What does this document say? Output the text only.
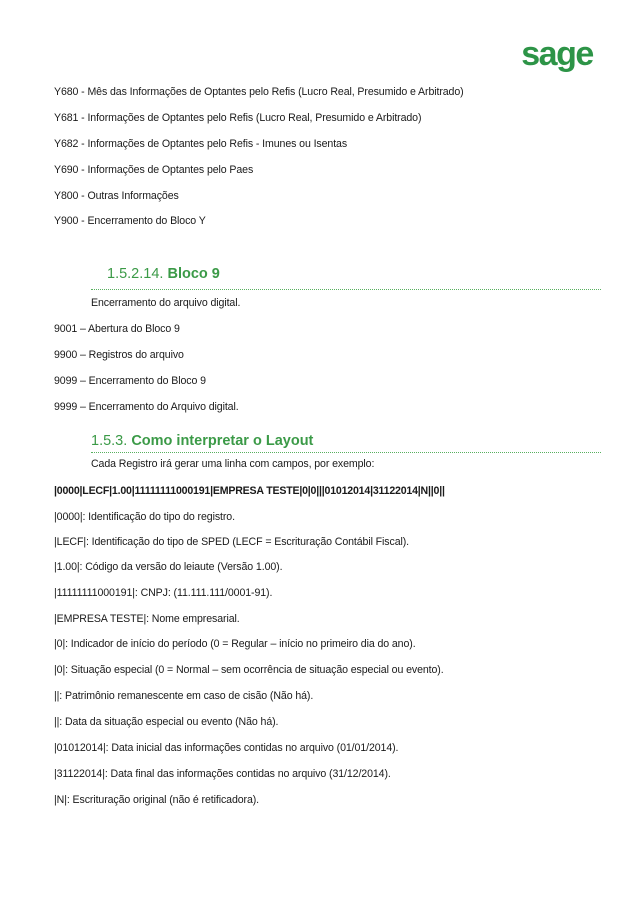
sage
Y680 - Mês das Informações de Optantes pelo Refis (Lucro Real, Presumido e Arbitrado)
Y681 - Informações de Optantes pelo Refis (Lucro Real, Presumido e Arbitrado)
Y682 - Informações de Optantes pelo Refis - Imunes ou Isentas
Y690 - Informações de Optantes pelo Paes
Y800 - Outras Informações
Y900 - Encerramento do Bloco Y
1.5.2.14. Bloco 9
Encerramento do arquivo digital.
9001 – Abertura do Bloco 9
9900 – Registros do arquivo
9099 – Encerramento do Bloco 9
9999 – Encerramento do Arquivo digital.
1.5.3. Como interpretar o Layout
Cada Registro irá gerar uma linha com campos, por exemplo:
|0000|LECF|1.00|11111111000191|EMPRESA TESTE|0|0|||01012014|31122014|N||0||
|0000|: Identificação do tipo do registro.
|LECF|: Identificação do tipo de SPED (LECF = Escrituração Contábil Fiscal).
|1.00|: Código da versão do leiaute (Versão 1.00).
|11111111000191|: CNPJ: (11.111.111/0001-91).
|EMPRESA TESTE|: Nome empresarial.
|0|: Indicador de início do período (0 = Regular – início no primeiro dia do ano).
|0|: Situação especial (0 = Normal – sem ocorrência de situação especial ou evento).
||: Patrimônio remanescente em caso de cisão (Não há).
||: Data da situação especial ou evento (Não há).
|01012014|: Data inicial das informações contidas no arquivo (01/01/2014).
|31122014|: Data final das informações contidas no arquivo (31/12/2014).
|N|: Escrituração original (não é retificadora).
